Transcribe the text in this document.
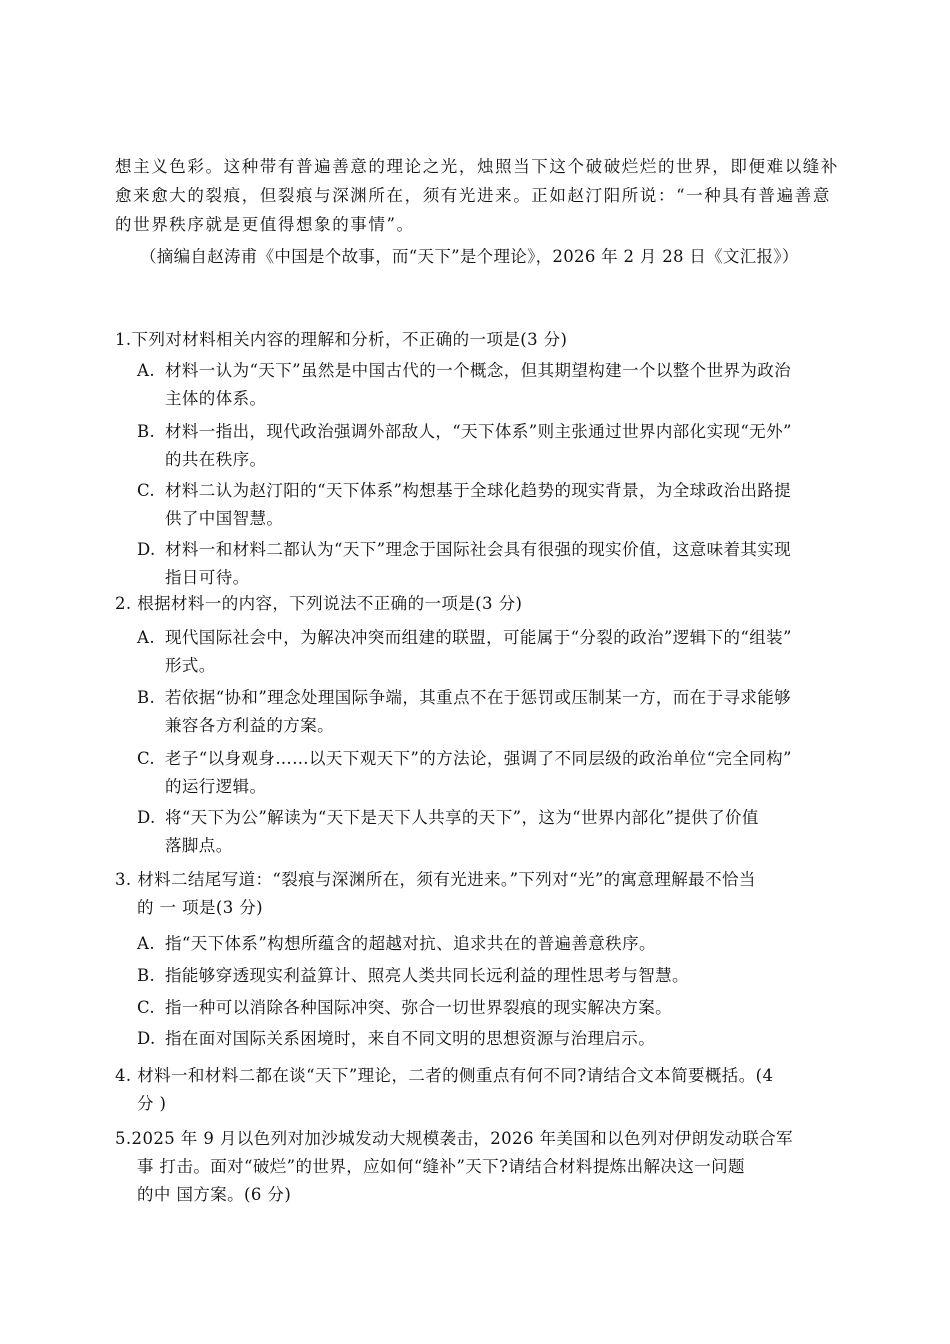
想主义色彩。这种带有普遍善意的理论之光，烛照当下这个破破烂烂的世界，即便难以缝补
愈来愈大的裂痕，但裂痕与深渊所在，须有光进来。正如赵汀阳所说：“一种具有普遍善意
的世界秩序就是更值得想象的事情”。

（摘编自赵涛甫《中国是个故事，而“天下”是个理论》，2026 年 2 月 28 日《文汇报》）

1.下列对材料相关内容的理解和分析，不正确的一项是(3 分)
A. 材料一认为“天下”虽然是中国古代的一个概念，但其期望构建一个以整个世界为政治
主体的体系。
B. 材料一指出，现代政治强调外部敌人，“天下体系”则主张通过世界内部化实现“无外”
的共在秩序。
C. 材料二认为赵汀阳的“天下体系”构想基于全球化趋势的现实背景，为全球政治出路提
供了中国智慧。
D. 材料一和材料二都认为“天下”理念于国际社会具有很强的现实价值，这意味着其实现
指日可待。
2. 根据材料一的内容，下列说法不正确的一项是(3 分)
A. 现代国际社会中，为解决冲突而组建的联盟，可能属于“分裂的政治”逻辑下的“组装”
形式。
B. 若依据“协和”理念处理国际争端，其重点不在于惩罚或压制某一方，而在于寻求能够
兼容各方利益的方案。
C. 老子“以身观身……以天下观天下”的方法论，强调了不同层级的政治单位“完全同构”
的运行逻辑。
D. 将“天下为公”解读为“天下是天下人共享的天下”，这为“世界内部化”提供了价值
落脚点。
3. 材料二结尾写道：“裂痕与深渊所在，须有光进来。”下列对“光”的寓意理解最不恰当
的 一 项是(3 分)
A. 指“天下体系”构想所蕴含的超越对抗、追求共在的普遍善意秩序。
B. 指能够穿透现实利益算计、照亮人类共同长远利益的理性思考与智慧。
C. 指一种可以消除各种国际冲突、弥合一切世界裂痕的现实解决方案。
D. 指在面对国际关系困境时，来自不同文明的思想资源与治理启示。
4. 材料一和材料二都在谈“天下”理论，二者的侧重点有何不同?请结合文本简要概括。(4
分 )
5.2025 年 9 月以色列对加沙城发动大规模袭击，2026 年美国和以色列对伊朗发动联合军
事 打击。面对“破烂”的世界，应如何“缝补”天下?请结合材料提炼出解决这一问题
的中 国方案。(6 分)
